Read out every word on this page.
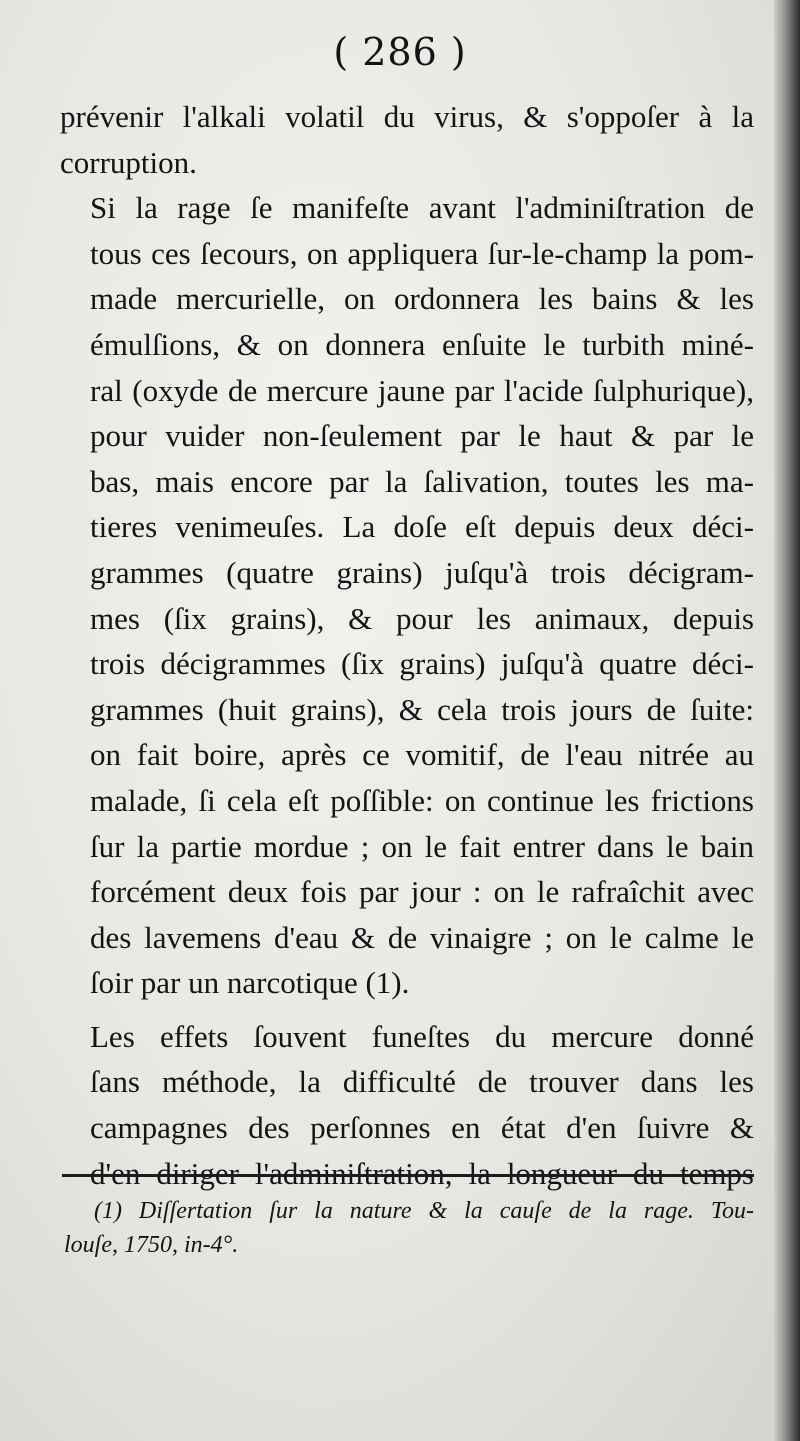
( 286 )

prévenir l'alkali volatil du virus, & s'oppoſer à la
corruption.

Si la rage ſe manifeſte avant l'adminiſtration de
tous ces ſecours, on appliquera ſur-le-champ la pom-
made mercurielle, on ordonnera les bains & les
émulſions, & on donnera enſuite le turbith miné-
ral (oxyde de mercure jaune par l'acide ſulphurique),
pour vuider non-ſeulement par le haut & par le
bas, mais encore par la ſalivation, toutes les ma-
tieres venimeuſes. La doſe eſt depuis deux déci-
grammes (quatre grains) juſqu'à trois décigram-
mes (ſix grains), & pour les animaux, depuis
trois décigrammes (ſix grains) juſqu'à quatre déci-
grammes (huit grains), & cela trois jours de ſuite:
on fait boire, après ce vomitif, de l'eau nitrée au
malade, ſi cela eſt poſſible: on continue les frictions
ſur la partie mordue ; on le fait entrer dans le bain
forcément deux fois par jour : on le rafraîchit avec
des lavemens d'eau & de vinaigre ; on le calme le
ſoir par un narcotique (1).

Les effets ſouvent funeſtes du mercure donné
ſans méthode, la difficulté de trouver dans les
campagnes des perſonnes en état d'en ſuivre &
d'en diriger l'adminiſtration, la longueur du temps

(1) Diſſertation ſur la nature & la cauſe de la rage. Tou-
louſe, 1750, in-4°.
